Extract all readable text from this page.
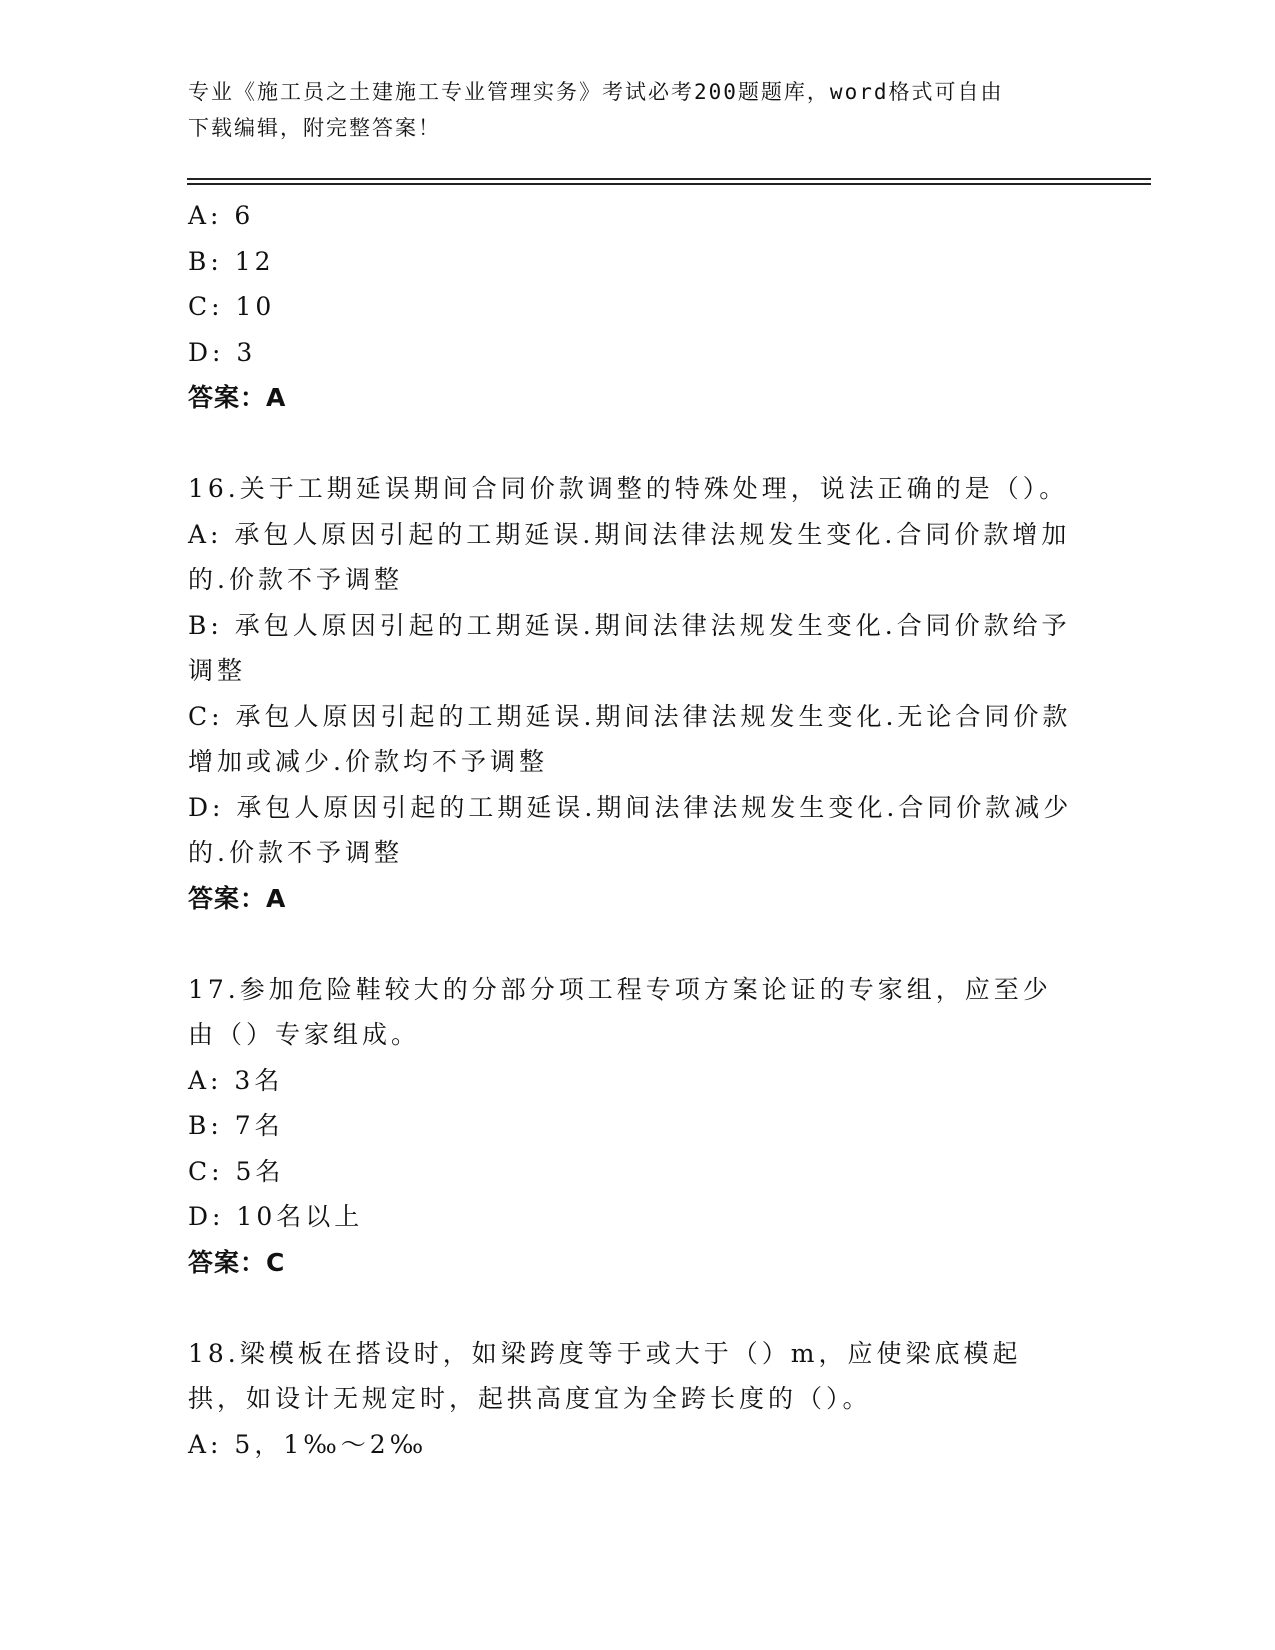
专业《施工员之土建施工专业管理实务》考试必考200题题库，word格式可自由
下载编辑，附完整答案！
A: 6
B: 12
C: 10
D: 3
答案：A
16.关于工期延误期间合同价款调整的特殊处理，说法正确的是（）。
A: 承包人原因引起的工期延误.期间法律法规发生变化.合同价款增加的.价款不予调整
B: 承包人原因引起的工期延误.期间法律法规发生变化.合同价款给予调整
C: 承包人原因引起的工期延误.期间法律法规发生变化.无论合同价款增加或减少.价款均不予调整
D: 承包人原因引起的工期延误.期间法律法规发生变化.合同价款减少的.价款不予调整
答案：A
17.参加危险鞋较大的分部分项工程专项方案论证的专家组，应至少由（）专家组成。
A: 3名
B: 7名
C: 5名
D: 10名以上
答案：C
18.梁模板在搭设时，如梁跨度等于或大于（）m，应使梁底模起拱，如设计无规定时，起拱高度宜为全跨长度的（）。
A: 5，1‰～2‰
